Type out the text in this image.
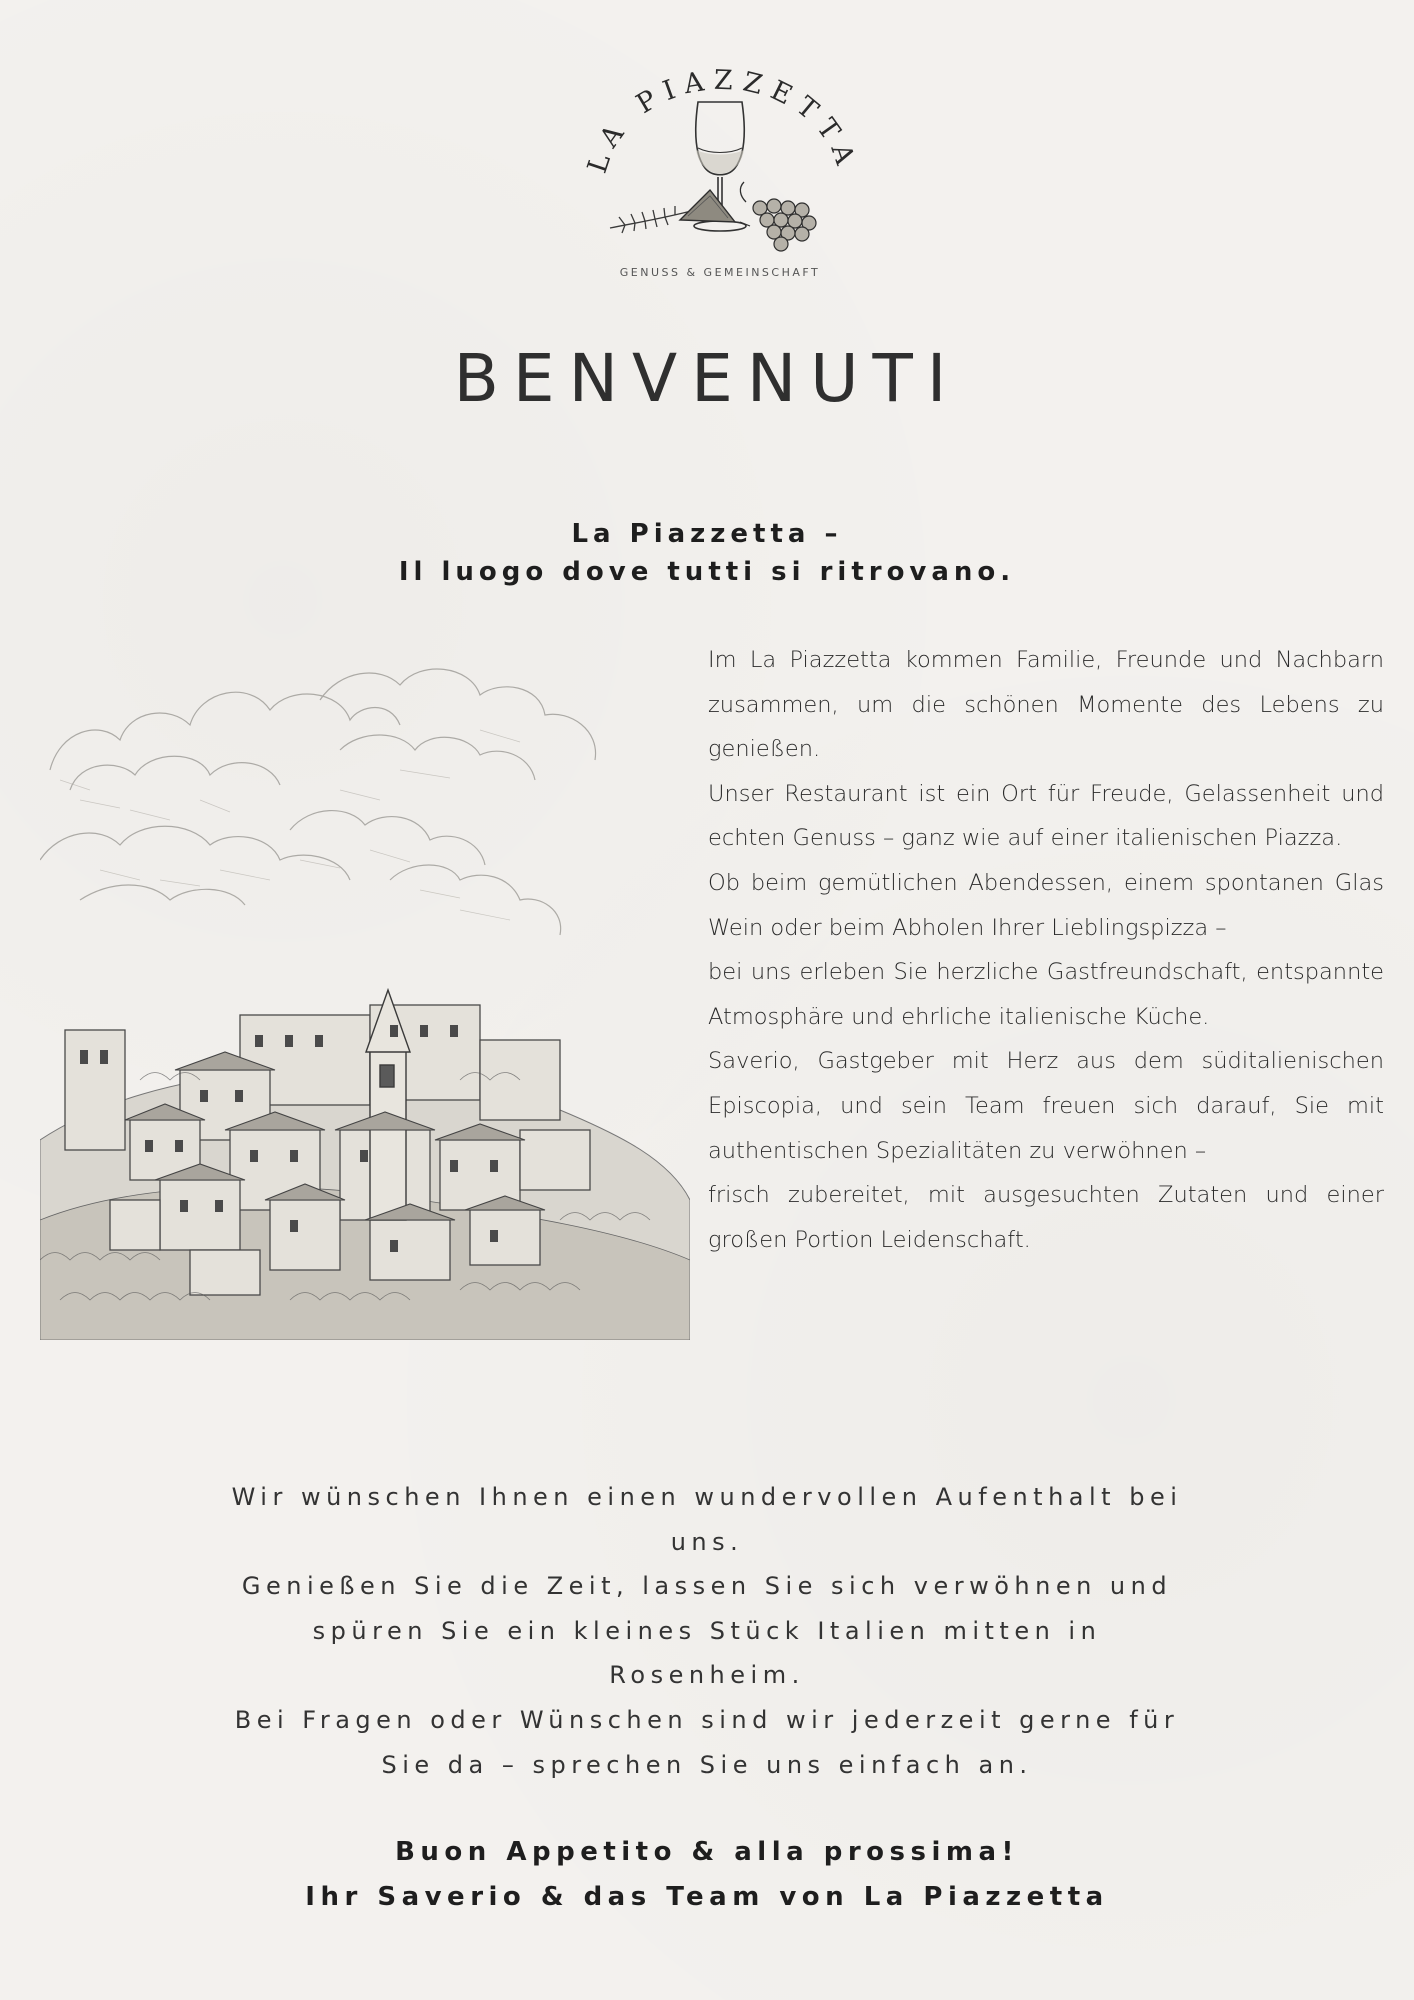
LA PIAZZETTA
GENUSS & GEMEINSCHAFT
BENVENUTI
La Piazzetta –
Il luogo dove tutti si ritrovano.

Im La Piazzetta kommen Familie, Freunde und Nachbarn zusammen, um die schönen Momente des Lebens zu genießen.

Unser Restaurant ist ein Ort für Freude, Gelassenheit und echten Genuss – ganz wie auf einer italienischen Piazza.

Ob beim gemütlichen Abendessen, einem spontanen Glas Wein oder beim Abholen Ihrer Lieblingspizza –

bei uns erleben Sie herzliche Gastfreundschaft, entspannte Atmosphäre und ehrliche italienische Küche.

Saverio, Gastgeber mit Herz aus dem süditalienischen Episcopia, und sein Team freuen sich darauf, Sie mit authentischen Spezialitäten zu verwöhnen –

frisch zubereitet, mit ausgesuchten Zutaten und einer großen Portion Leidenschaft.

Wir wünschen Ihnen einen wundervollen Aufenthalt bei uns.

Genießen Sie die Zeit, lassen Sie sich verwöhnen und spüren Sie ein kleines Stück Italien mitten in Rosenheim.

Bei Fragen oder Wünschen sind wir jederzeit gerne für Sie da – sprechen Sie uns einfach an.

Buon Appetito & alla prossima!
Ihr Saverio & das Team von La Piazzetta
